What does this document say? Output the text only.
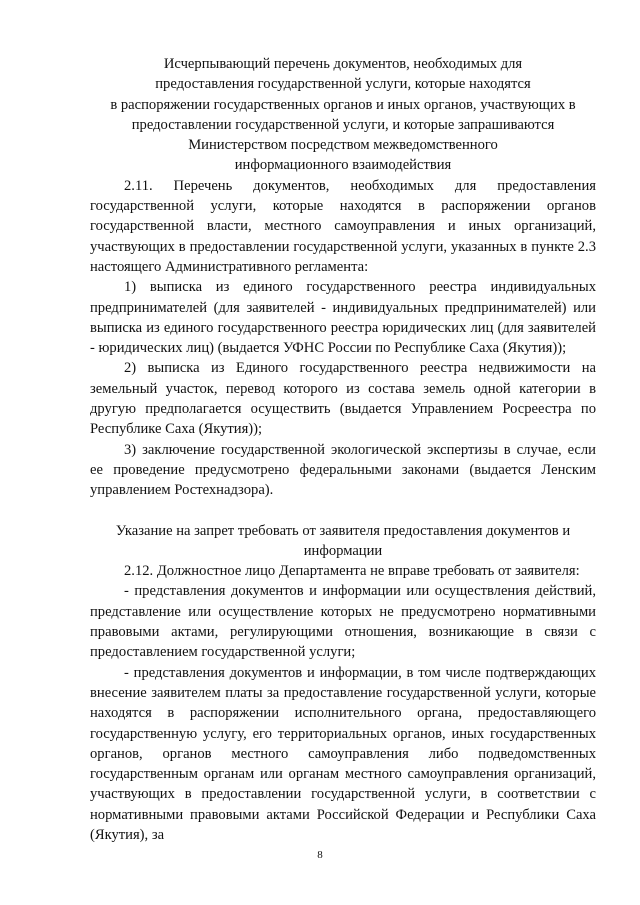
Исчерпывающий перечень документов, необходимых для
предоставления государственной услуги, которые находятся
в распоряжении государственных органов и иных органов, участвующих в
предоставлении государственной услуги, и которые запрашиваются
Министерством посредством межведомственного
информационного взаимодействия

2.11. Перечень документов, необходимых для предоставления государственной услуги, которые находятся в распоряжении органов государственной власти, местного самоуправления и иных организаций, участвующих в предоставлении государственной услуги, указанных в пункте 2.3 настоящего Административного регламента:

1) выписка из единого государственного реестра индивидуальных предпринимателей (для заявителей - индивидуальных предпринимателей) или выписка из единого государственного реестра юридических лиц (для заявителей - юридических лиц) (выдается УФНС России по Республике Саха (Якутия));

2) выписка из Единого государственного реестра недвижимости на земельный участок, перевод которого из состава земель одной категории в другую предполагается осуществить (выдается Управлением Росреестра по Республике Саха (Якутия));

3) заключение государственной экологической экспертизы в случае, если ее проведение предусмотрено федеральными законами (выдается Ленским управлением Ростехнадзора).

Указание на запрет требовать от заявителя предоставления документов и
информации

2.12. Должностное лицо Департамента не вправе требовать от заявителя:

- представления документов и информации или осуществления действий, представление или осуществление которых не предусмотрено нормативными правовыми актами, регулирующими отношения, возникающие в связи с предоставлением государственной услуги;

- представления документов и информации, в том числе подтверждающих внесение заявителем платы за предоставление государственной услуги, которые находятся в распоряжении исполнительного органа, предоставляющего государственную услугу, его территориальных органов, иных государственных органов, органов местного самоуправления либо подведомственных государственным органам или органам местного самоуправления организаций, участвующих в предоставлении государственной услуги, в соответствии с нормативными правовыми актами Российской Федерации и Республики Саха (Якутия), за

8
